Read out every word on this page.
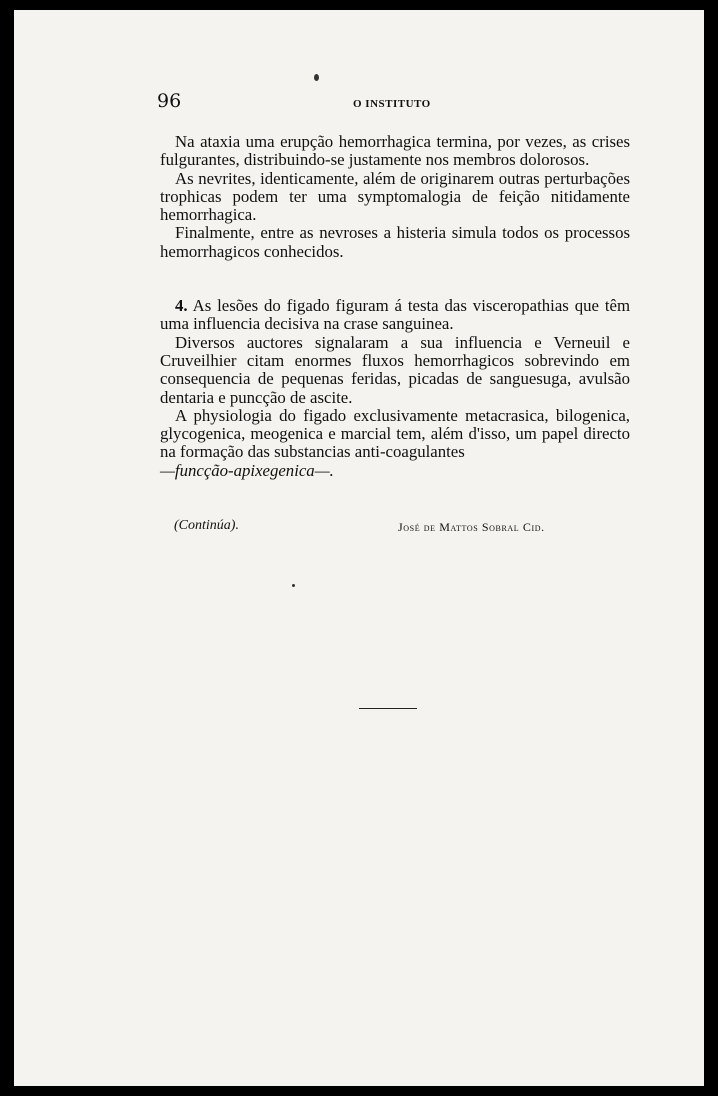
96	O INSTITUTO

Na ataxia uma erupção hemorrhagica termina, por vezes, as crises fulgurantes, distribuindo-se justamente nos membros dolorosos.

As nevrites, identicamente, além de originarem outras perturbações trophicas podem ter uma symptomalogia de feição nitidamente hemorrhagica.

Finalmente, entre as nevroses a histeria simula todos os processos hemorrhagicos conhecidos.

4. As lesões do figado figuram á testa das visceropathias que têm uma influencia decisiva na crase sanguinea.

Diversos auctores signalaram a sua influencia e Verneuil e Cruveilhier citam enormes fluxos hemorrhagicos sobrevindo em consequencia de pequenas feridas, picadas de sanguesuga, avulsão dentaria e puncção de ascite.

A physiologia do figado exclusivamente metacrasica, bilogenica, glycogenica, meogenica e marcial tem, além d'isso, um papel directo na formação das substancias anti-coagulantes

—funcção-apixegenica—.

(Continúa).	José de Mattos Sobral Cid.
